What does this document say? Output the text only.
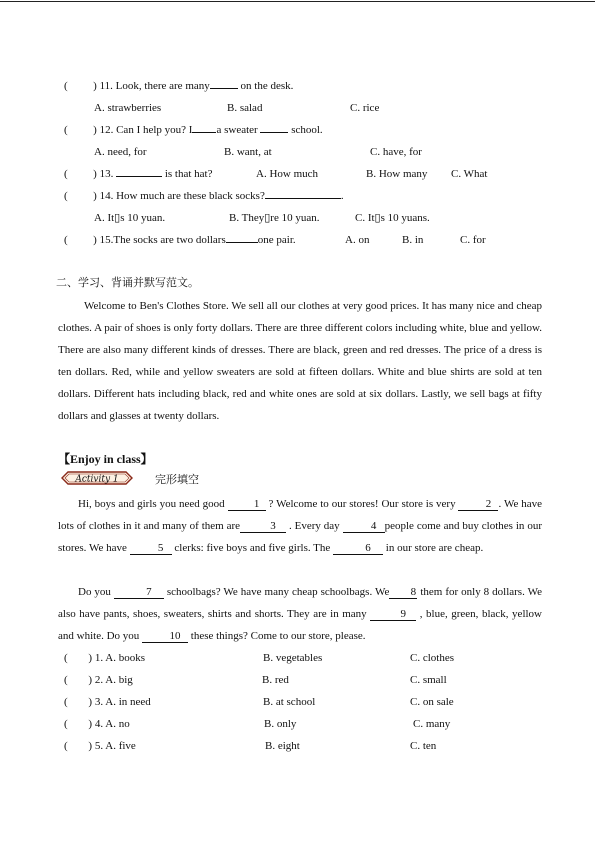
( ) 11. Look, there are many	on the desk.
A. strawberries	B. salad	C. rice
( ) 12. Can I help you? I a sweater	school.
A. need, for	B. want, at	C. have, for
( ) 13.	is that hat?	A. How much	B. How many C. What
( ) 14. How much are these black socks?	.
A. It▯s 10 yuan.	B. They▯re 10 yuan.	C. It▯s 10 yuans.
( ) 15.The socks are two dollars	one pair.	A. on	B. in	C. for
二、学习、背诵并默写范文。
Welcome to Ben's Clothes Store. We sell all our clothes at very good prices. It has many nice and cheap clothes. A pair of shoes is only forty dollars. There are three different colors including white, blue and yellow. There are also many different kinds of dresses. There are black, green and red dresses. The price of a dress is ten dollars. Red, while and yellow sweaters are sold at fifteen dollars. White and blue shirts are sold at ten dollars. Different hats including black, red and white ones are sold at six dollars. Lastly, we sell bags at fifty dollars and glasses at twenty dollars.
【Enjoy in class】
Activity 1	完形填空
Hi, boys and girls you need good	1 ? Welcome to our stores! Our store is very	2 . We have lots of clothes in it and many of them are	3 . Every day	4 people come and buy clothes in our stores. We have	5 clerks: five boys and five girls. The	6 in our store are cheap.
Do you	7 schoolbags? We have many cheap schoolbags. We 8 them for only 8 dollars. We also have pants, shoes, sweaters, shirts and shorts. They are in many	9 , blue, green, black, yellow and white. Do you	10 these things? Come to our store, please.
( ) 1. A. books	B. vegetables	C. clothes
( ) 2. A. big	B. red	C. small
( ) 3. A. in need	B. at school	C. on sale
( ) 4. A. no	B. only	C. many
( ) 5. A. five	B. eight	C. ten
